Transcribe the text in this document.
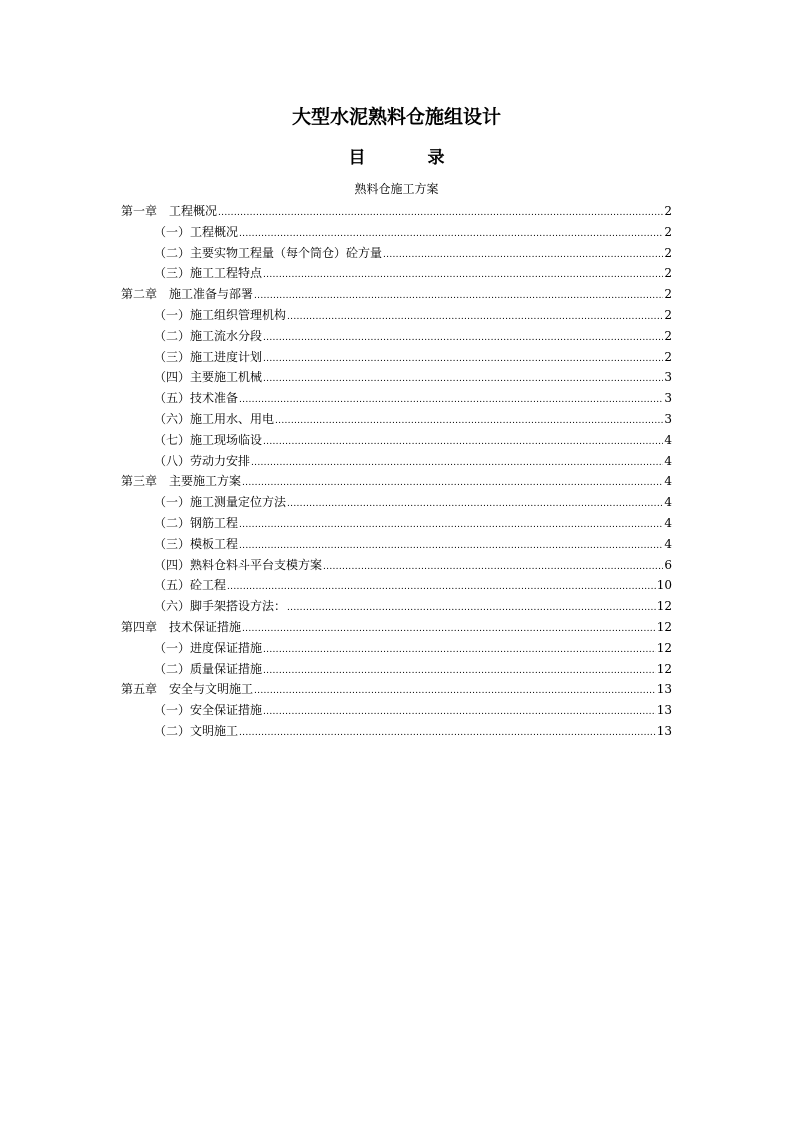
大型水泥熟料仓施组设计
目录
熟料仓施工方案
第一章　工程概况 .....	2
（一）工程概况 .....	2
（二）主要实物工程量（每个筒仓）砼方量 .....	2
（三）施工工程特点 .....	2
第二章　施工准备与部署 .....	2
（一）施工组织管理机构 .....	2
（二）施工流水分段 .....	2
（三）施工进度计划 .....	2
（四）主要施工机械 .....	3
（五）技术准备 .....	3
（六）施工用水、用电 .....	3
（七）施工现场临设 .....	4
（八）劳动力安排 .....	4
第三章　主要施工方案 .....	4
（一）施工测量定位方法 .....	4
（二）钢筋工程 .....	4
（三）模板工程 .....	4
（四）熟料仓料斗平台支模方案 .....	6
（五）砼工程 .....	10
（六）脚手架搭设方法： .....	12
第四章　技术保证措施 .....	12
（一）进度保证措施 .....	12
（二）质量保证措施 .....	12
第五章　安全与文明施工 .....	13
（一）安全保证措施 .....	13
（二）文明施工 .....	13
